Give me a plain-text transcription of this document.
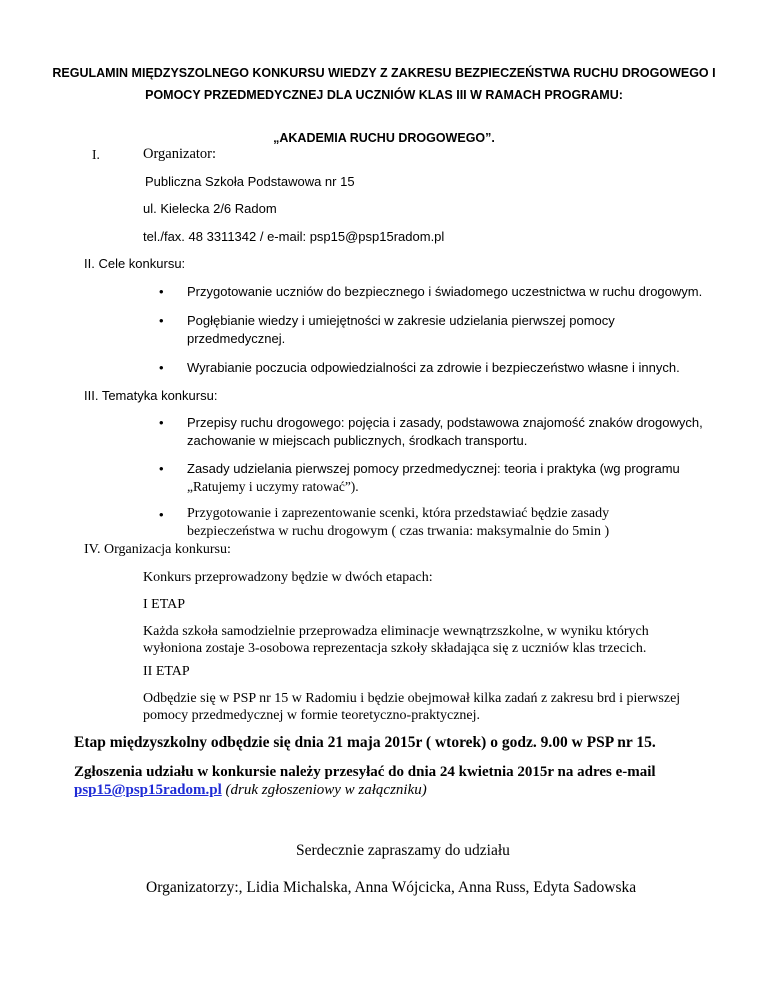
REGULAMIN MIĘDZYSZOLNEGO KONKURSU WIEDZY Z ZAKRESU BEZPIECZEŃSTWA RUCHU DROGOWEGO I
POMOCY PRZEDMEDYCZNEJ DLA UCZNIÓW KLAS III W RAMACH PROGRAMU:
„AKADEMIA RUCHU DROGOWEGO”.
I.	Organizator:
Publiczna Szkoła Podstawowa nr 15
ul. Kielecka 2/6 Radom
tel./fax. 48 3311342 / e-mail: psp15@psp15radom.pl
II. Cele konkursu:
• Przygotowanie uczniów do bezpiecznego i świadomego uczestnictwa w ruchu drogowym.
• Pogłębianie wiedzy i umiejętności w zakresie udzielania pierwszej pomocy
przedmedycznej.
• Wyrabianie poczucia odpowiedzialności za zdrowie i bezpieczeństwo własne i innych.
III. Tematyka konkursu:
• Przepisy ruchu drogowego: pojęcia i zasady, podstawowa znajomość znaków drogowych,
zachowanie w miejscach publicznych, środkach transportu.
• Zasady udzielania pierwszej pomocy przedmedycznej: teoria i praktyka (wg programu
„Ratujemy i uczymy ratować”).
• Przygotowanie i zaprezentowanie scenki, która przedstawiać będzie zasady
bezpieczeństwa w ruchu drogowym ( czas trwania: maksymalnie do 5min )
IV. Organizacja konkursu:
Konkurs przeprowadzony będzie w dwóch etapach:
I ETAP
Każda szkoła samodzielnie przeprowadza eliminacje wewnątrzszkolne, w wyniku których
wyłoniona zostaje 3-osobowa reprezentacja szkoły składająca się z uczniów klas trzecich.
II ETAP
Odbędzie się w PSP nr 15 w Radomiu i będzie obejmował kilka zadań z zakresu brd i pierwszej
pomocy przedmedycznej w formie teoretyczno-praktycznej.
Etap międzyszkolny odbędzie się dnia 21 maja 2015r ( wtorek) o godz. 9.00 w PSP nr 15.
Zgłoszenia udziału w konkursie należy przesyłać do dnia 24 kwietnia 2015r na adres e-mail
psp15@psp15radom.pl (druk zgłoszeniowy w załączniku)
Serdecznie zapraszamy do udziału
Organizatorzy:, Lidia Michalska, Anna Wójcicka, Anna Russ, Edyta Sadowska
